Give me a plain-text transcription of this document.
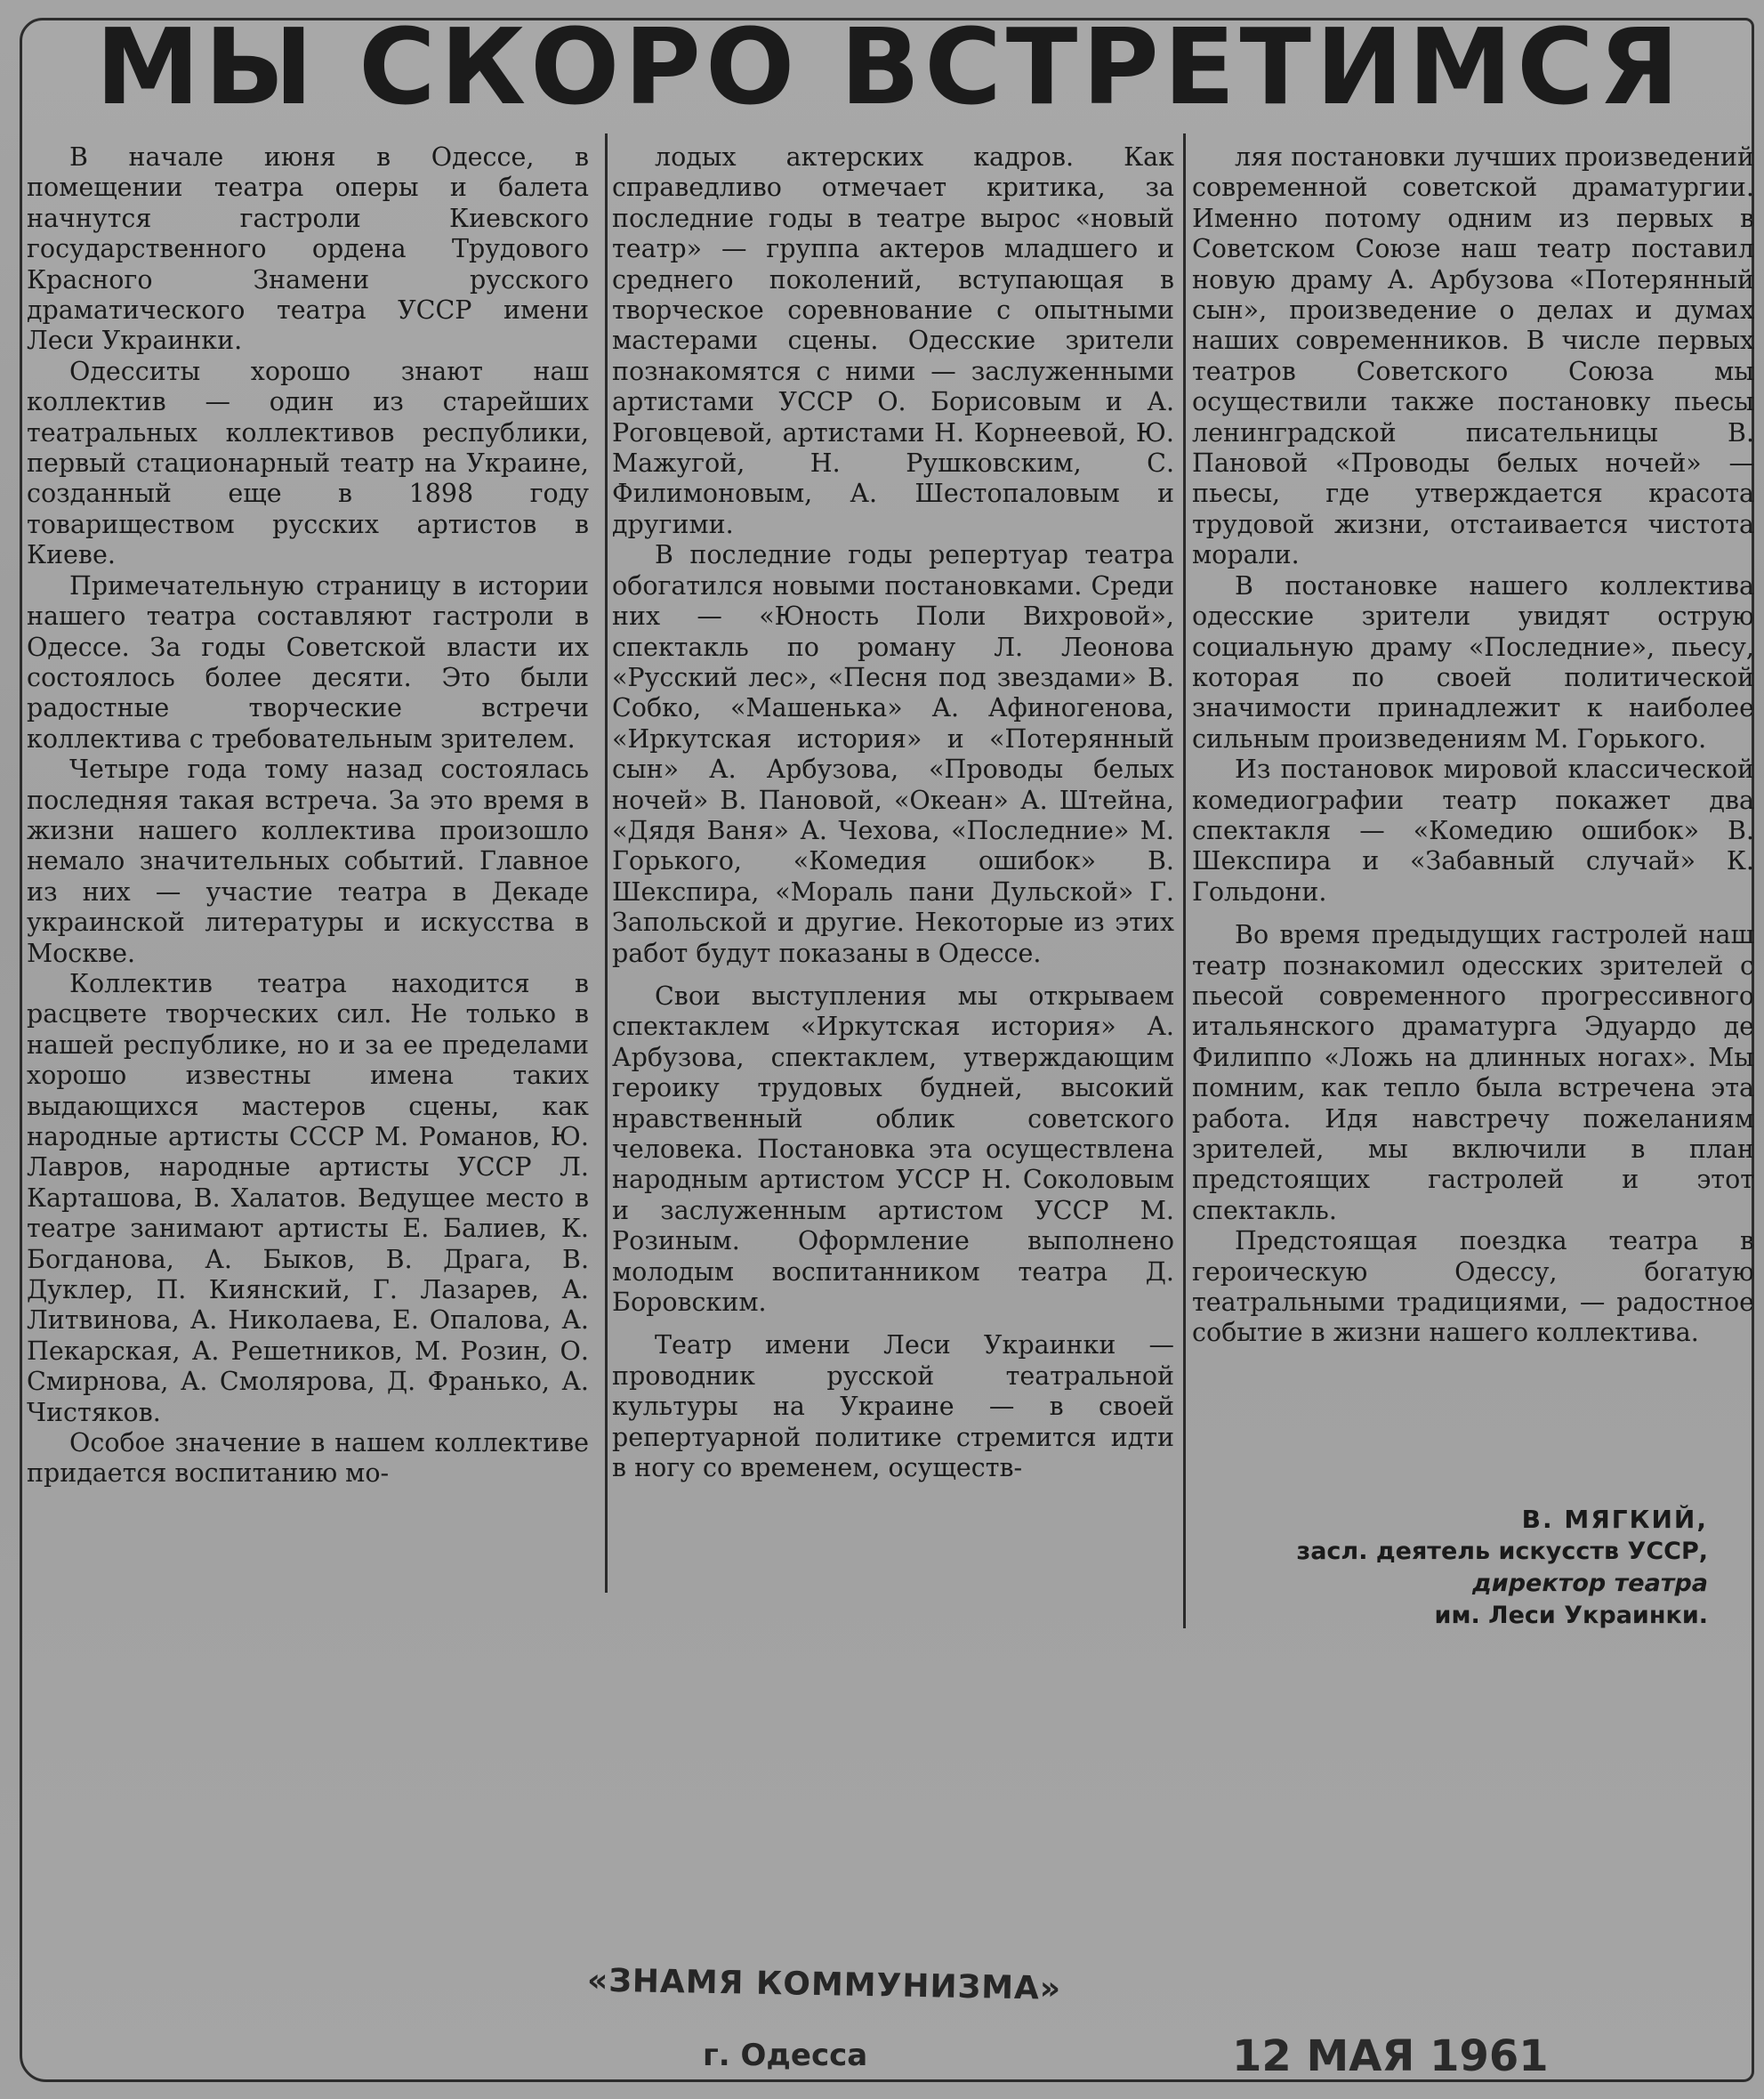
МЫ СКОРО ВСТРЕТИМСЯ

В начале июня в Одессе, в помещении театра оперы и балета начнутся гастроли Киевского государственного ордена Трудового Красного Знамени русского драматического театра УССР имени Леси Украинки.

Одесситы хорошо знают наш коллектив — один из старейших театральных коллективов республики, первый стационарный театр на Украине, созданный еще в 1898 году товариществом русских артистов в Киеве.

Примечательную страницу в истории нашего театра составляют гастроли в Одессе. За годы Советской власти их состоялось более десяти. Это были радостные творческие встречи коллектива с требовательным зрителем.

Четыре года тому назад состоялась последняя такая встреча. За это время в жизни нашего коллектива произошло немало значительных событий. Главное из них — участие театра в Декаде украинской литературы и искусства в Москве.

Коллектив театра находится в расцвете творческих сил. Не только в нашей республике, но и за ее пределами хорошо известны имена таких выдающихся мастеров сцены, как народные артисты СССР М. Романов, Ю. Лавров, народные артисты УССР Л. Карташова, В. Халатов. Ведущее место в театре занимают артисты Е. Балиев, К. Богданова, А. Быков, В. Драга, В. Дуклер, П. Киянский, Г. Лазарев, А. Литвинова, А. Николаева, Е. Опалова, А. Пекарская, А. Решетников, М. Розин, О. Смирнова, А. Смолярова, Д. Франько, А. Чистяков.

Особое значение в нашем коллективе придается воспитанию мо-

лодых актерских кадров. Как справедливо отмечает критика, за последние годы в театре вырос «новый театр» — группа актеров младшего и среднего поколений, вступающая в творческое соревнование с опытными мастерами сцены. Одесские зрители познакомятся с ними — заслуженными артистами УССР О. Борисовым и А. Роговцевой, артистами Н. Корнеевой, Ю. Мажугой, Н. Рушковским, С. Филимоновым, А. Шестопаловым и другими.

В последние годы репертуар театра обогатился новыми постановками. Среди них — «Юность Поли Вихровой», спектакль по роману Л. Леонова «Русский лес», «Песня под звездами» В. Собко, «Машенька» А. Афиногенова, «Иркутская история» и «Потерянный сын» А. Арбузова, «Проводы белых ночей» В. Пановой, «Океан» А. Штейна, «Дядя Ваня» А. Чехова, «Последние» М. Горького, «Комедия ошибок» В. Шекспира, «Мораль пани Дульской» Г. Запольской и другие. Некоторые из этих работ будут показаны в Одессе.

Свои выступления мы открываем спектаклем «Иркутская история» А. Арбузова, спектаклем, утверждающим героику трудовых будней, высокий нравственный облик советского человека. Постановка эта осуществлена народным артистом УССР Н. Соколовым и заслуженным артистом УССР М. Розиным. Оформление выполнено молодым воспитанником театра Д. Боровским.

Театр имени Леси Украинки — проводник русской театральной культуры на Украине — в своей репертуарной политике стремится идти в ногу со временем, осуществ-

ляя постановки лучших произведений современной советской драматургии. Именно потому одним из первых в Советском Союзе наш театр поставил новую драму А. Арбузова «Потерянный сын», произведение о делах и думах наших современников. В числе первых театров Советского Союза мы осуществили также постановку пьесы ленинградской писательницы В. Пановой «Проводы белых ночей» — пьесы, где утверждается красота трудовой жизни, отстаивается чистота морали.

В постановке нашего коллектива одесские зрители увидят острую социальную драму «Последние», пьесу, которая по своей политической значимости принадлежит к наиболее сильным произведениям М. Горького.

Из постановок мировой классической комедиографии театр покажет два спектакля — «Комедию ошибок» В. Шекспира и «Забавный случай» К. Гольдони.

Во время предыдущих гастролей наш театр познакомил одесских зрителей с пьесой современного прогрессивного итальянского драматурга Эдуардо де Филиппо «Ложь на длинных ногах». Мы помним, как тепло была встречена эта работа. Идя навстречу пожеланиям зрителей, мы включили в план предстоящих гастролей и этот спектакль.

Предстоящая поездка театра в героическую Одессу, богатую театральными традициями, — радостное событие в жизни нашего коллектива.

В. МЯГКИЙ,
засл. деятель искусств УССР,
директор театра
им. Леси Украинки.
«ЗНАМЯ КОММУНИЗМА»
г. Одесса	12 МАЯ 1961
